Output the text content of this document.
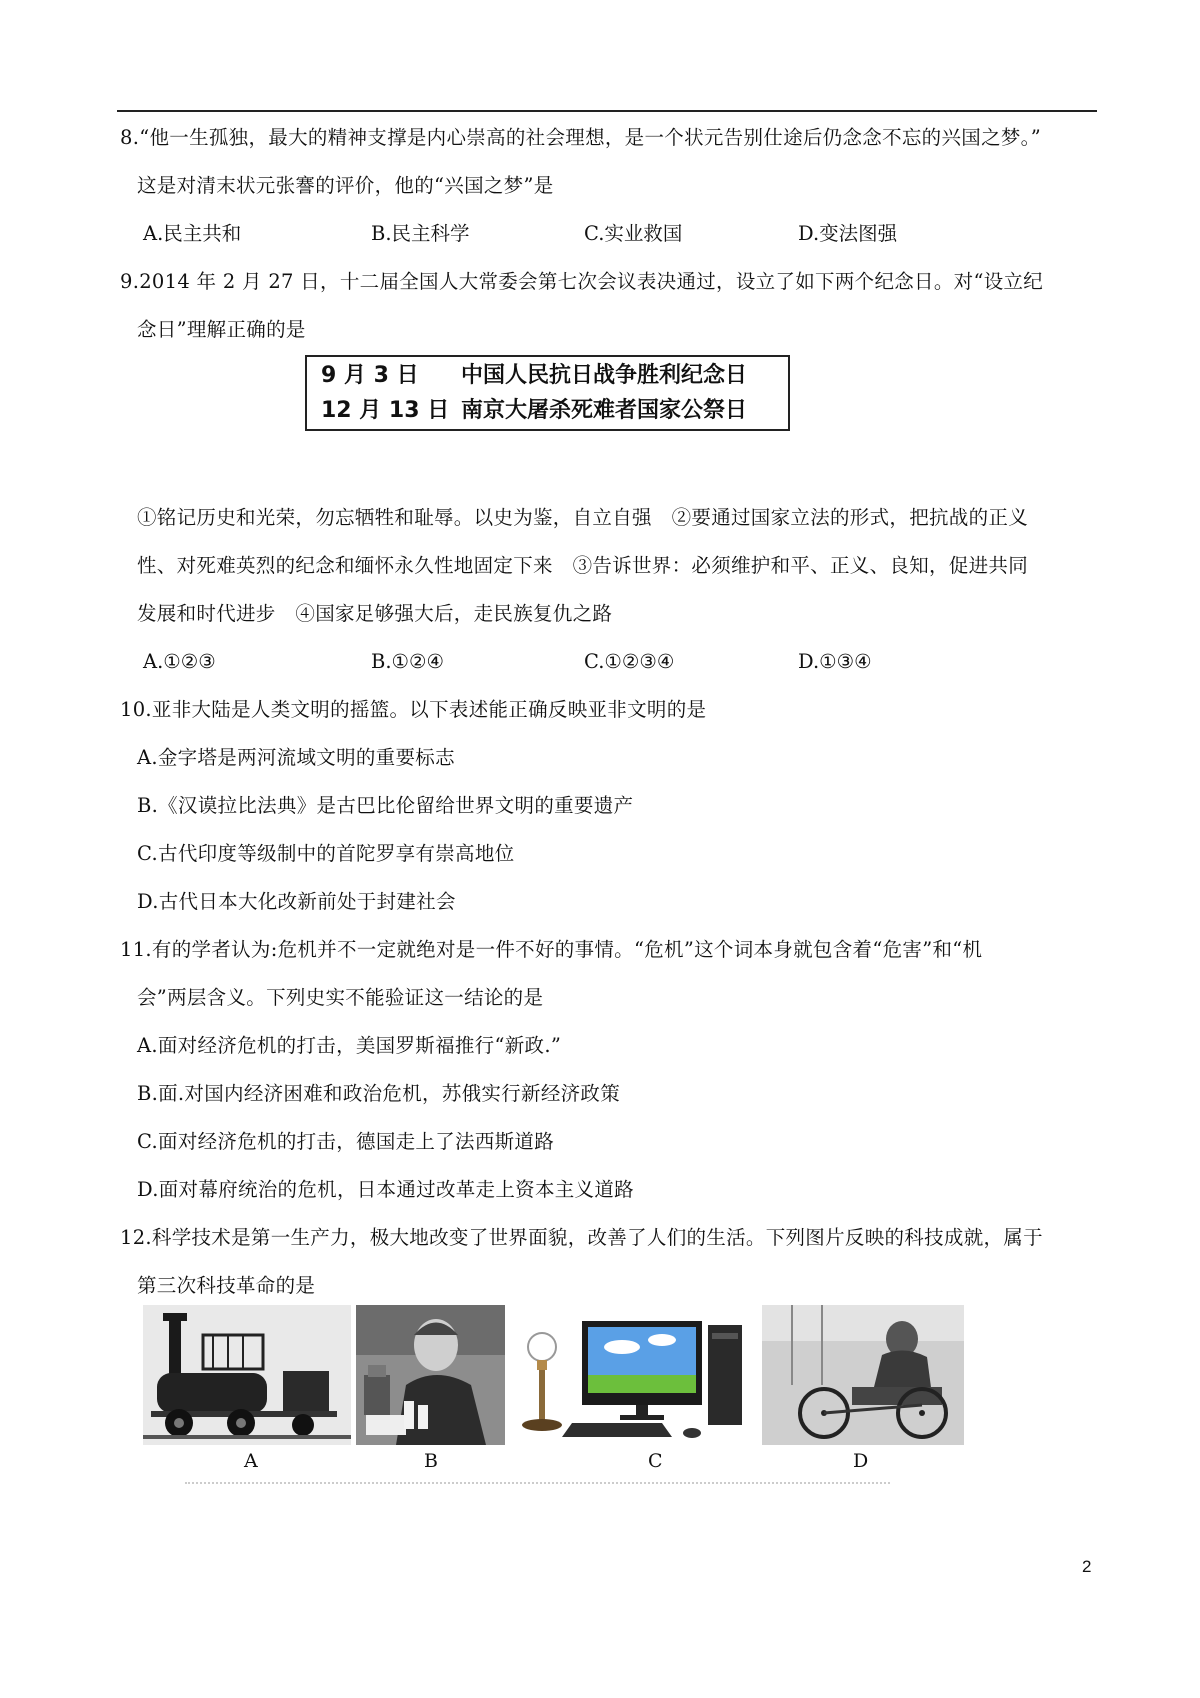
8.“他一生孤独，最大的精神支撑是内心崇高的社会理想，是一个状元告别仕途后仍念念不忘的兴国之梦。”
这是对清末状元张謇的评价，他的“兴国之梦”是
A.民主共和	B.民主科学	C.实业救国	D.变法图强
9.2014 年 2 月 27 日，十二届全国人大常委会第七次会议表决通过，设立了如下两个纪念日。对“设立纪
念日”理解正确的是
9 月 3 日 中国人民抗日战争胜利纪念日
12 月 13 日 南京大屠杀死难者国家公祭日
①铭记历史和光荣，勿忘牺牲和耻辱。以史为鉴，自立自强　②要通过国家立法的形式，把抗战的正义
性、对死难英烈的纪念和缅怀永久性地固定下来　③告诉世界：必须维护和平、正义、良知，促进共同
发展和时代进步　④国家足够强大后，走民族复仇之路
A.①②③	B.①②④	C.①②③④	D.①③④
10.亚非大陆是人类文明的摇篮。以下表述能正确反映亚非文明的是
A.金字塔是两河流域文明的重要标志
B.《汉谟拉比法典》是古巴比伦留给世界文明的重要遗产
C.古代印度等级制中的首陀罗享有崇高地位
D.古代日本大化改新前处于封建社会
11.有的学者认为:危机并不一定就绝对是一件不好的事情。“危机”这个词本身就包含着“危害”和“机
会”两层含义。下列史实不能验证这一结论的是
A.面对经济危机的打击，美国罗斯福推行“新政.”
B.面.对国内经济困难和政治危机，苏俄实行新经济政策
C.面对经济危机的打击，德国走上了法西斯道路
D.面对幕府统治的危机，日本通过改革走上资本主义道路
12.科学技术是第一生产力，极大地改变了世界面貌，改善了人们的生活。下列图片反映的科技成就，属于
第三次科技革命的是
A	B	C	D
2
